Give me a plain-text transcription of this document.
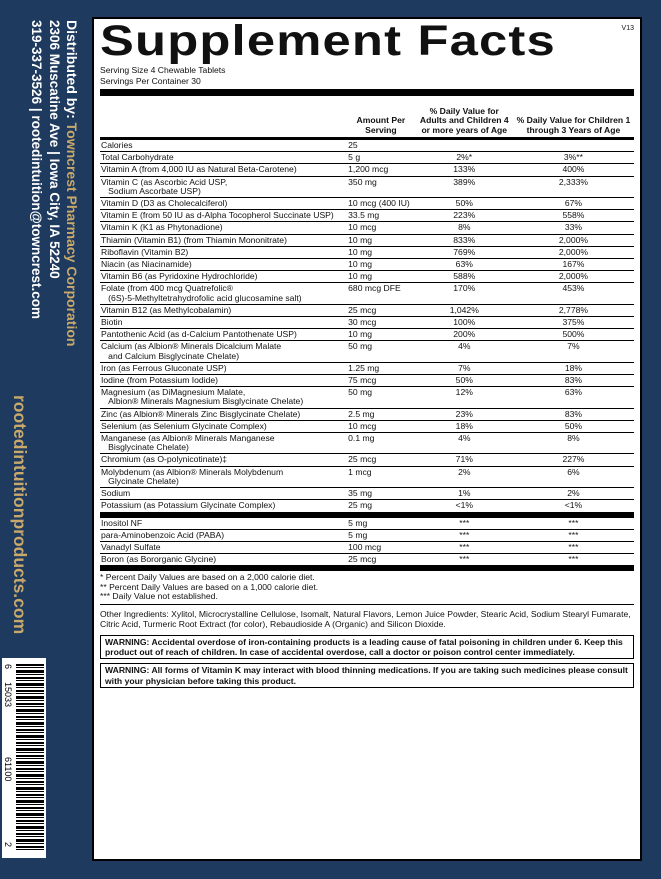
Distributed by: Towncrest Pharmacy Corporation
2306 Muscatine Ave | Iowa City, IA 52240
319-337-3526 | rootedintuition@towncrest.com
rootedintuitionproducts.com
6
15033
61100
2
V13
Supplement Facts
Serving Size 4 Chewable Tablets
Servings Per Container 30
Amount Per Serving
% Daily Value for Adults and Children 4 or more years of Age
% Daily Value for Children 1 through 3 Years of Age
Calories	25
Total Carbohydrate	5 g	2%*	3%**
Vitamin A (from 4,000 IU as Natural Beta-Carotene)	1,200 mcg	133%	400%
Vitamin C (as Ascorbic Acid USP,
Sodium Ascorbate USP)
350 mg	389%	2,333%
Vitamin D (D3 as Cholecalciferol)	10 mcg (400 IU)	50%	67%
Vitamin E (from 50 IU as d-Alpha Tocopherol Succinate USP)	33.5 mg	223%	558%
Vitamin K (K1 as Phytonadione)	10 mcg	8%	33%
Thiamin (Vitamin B1) (from Thiamin Mononitrate)	10 mg	833%	2,000%
Riboflavin (Vitamin B2)	10 mg	769%	2,000%
Niacin (as Niacinamide)	10 mg	63%	167%
Vitamin B6 (as Pyridoxine Hydrochloride)	10 mg	588%	2,000%
Folate (from 400 mcg Quatrefolic®
(6S)-5-Methyltetrahydrofolic acid glucosamine salt)
680 mcg DFE	170%	453%
Vitamin B12 (as Methylcobalamin)	25 mcg	1,042%	2,778%
Biotin	30 mcg	100%	375%
Pantothenic Acid (as d-Calcium Pantothenate USP)	10 mg	200%	500%
Calcium (as Albion® Minerals Dicalcium Malate
and Calcium Bisglycinate Chelate)
50 mg	4%	7%
Iron (as Ferrous Gluconate USP)	1.25 mg	7%	18%
Iodine (from Potassium Iodide)	75 mcg	50%	83%
Magnesium (as DiMagnesium Malate,
Albion® Minerals Magnesium Bisglycinate Chelate)
50 mg	12%	63%
Zinc (as Albion® Minerals Zinc Bisglycinate Chelate)	2.5 mg	23%	83%
Selenium (as Selenium Glycinate Complex)	10 mcg	18%	50%
Manganese (as Albion® Minerals Manganese
Bisglycinate Chelate)
0.1 mg	4%	8%
Chromium (as O-polynicotinate)‡	25 mcg	71%	227%
Molybdenum (as Albion® Minerals Molybdenum
Glycinate Chelate)
1 mcg	2%	6%
Sodium	35 mg	1%	2%
Potassium (as Potassium Glycinate Complex)	25 mg	<1%	<1%
Inositol NF	5 mg	***	***
para-Aminobenzoic Acid (PABA)	5 mg	***	***
Vanadyl Sulfate	100 mcg	***	***
Boron (as Bororganic Glycine)	25 mcg	***	***
* Percent Daily Values are based on a 2,000 calorie diet.
** Percent Daily Values are based on a 1,000 calorie diet.
*** Daily Value not established.
Other Ingredients: Xylitol, Microcrystalline Cellulose, Isomalt, Natural Flavors, Lemon Juice Powder, Stearic Acid, Sodium Stearyl Fumarate, Citric Acid, Turmeric Root Extract (for color), Rebaudioside A (Organic) and Silicon Dioxide.
WARNING: Accidental overdose of iron-containing products is a leading cause of fatal poisoning in children under 6. Keep this product out of reach of children. In case of accidental overdose, call a doctor or poison control center immediately.
WARNING: All forms of Vitamin K may interact with blood thinning medications. If you are taking such medicines please consult with your physician before taking this product.
